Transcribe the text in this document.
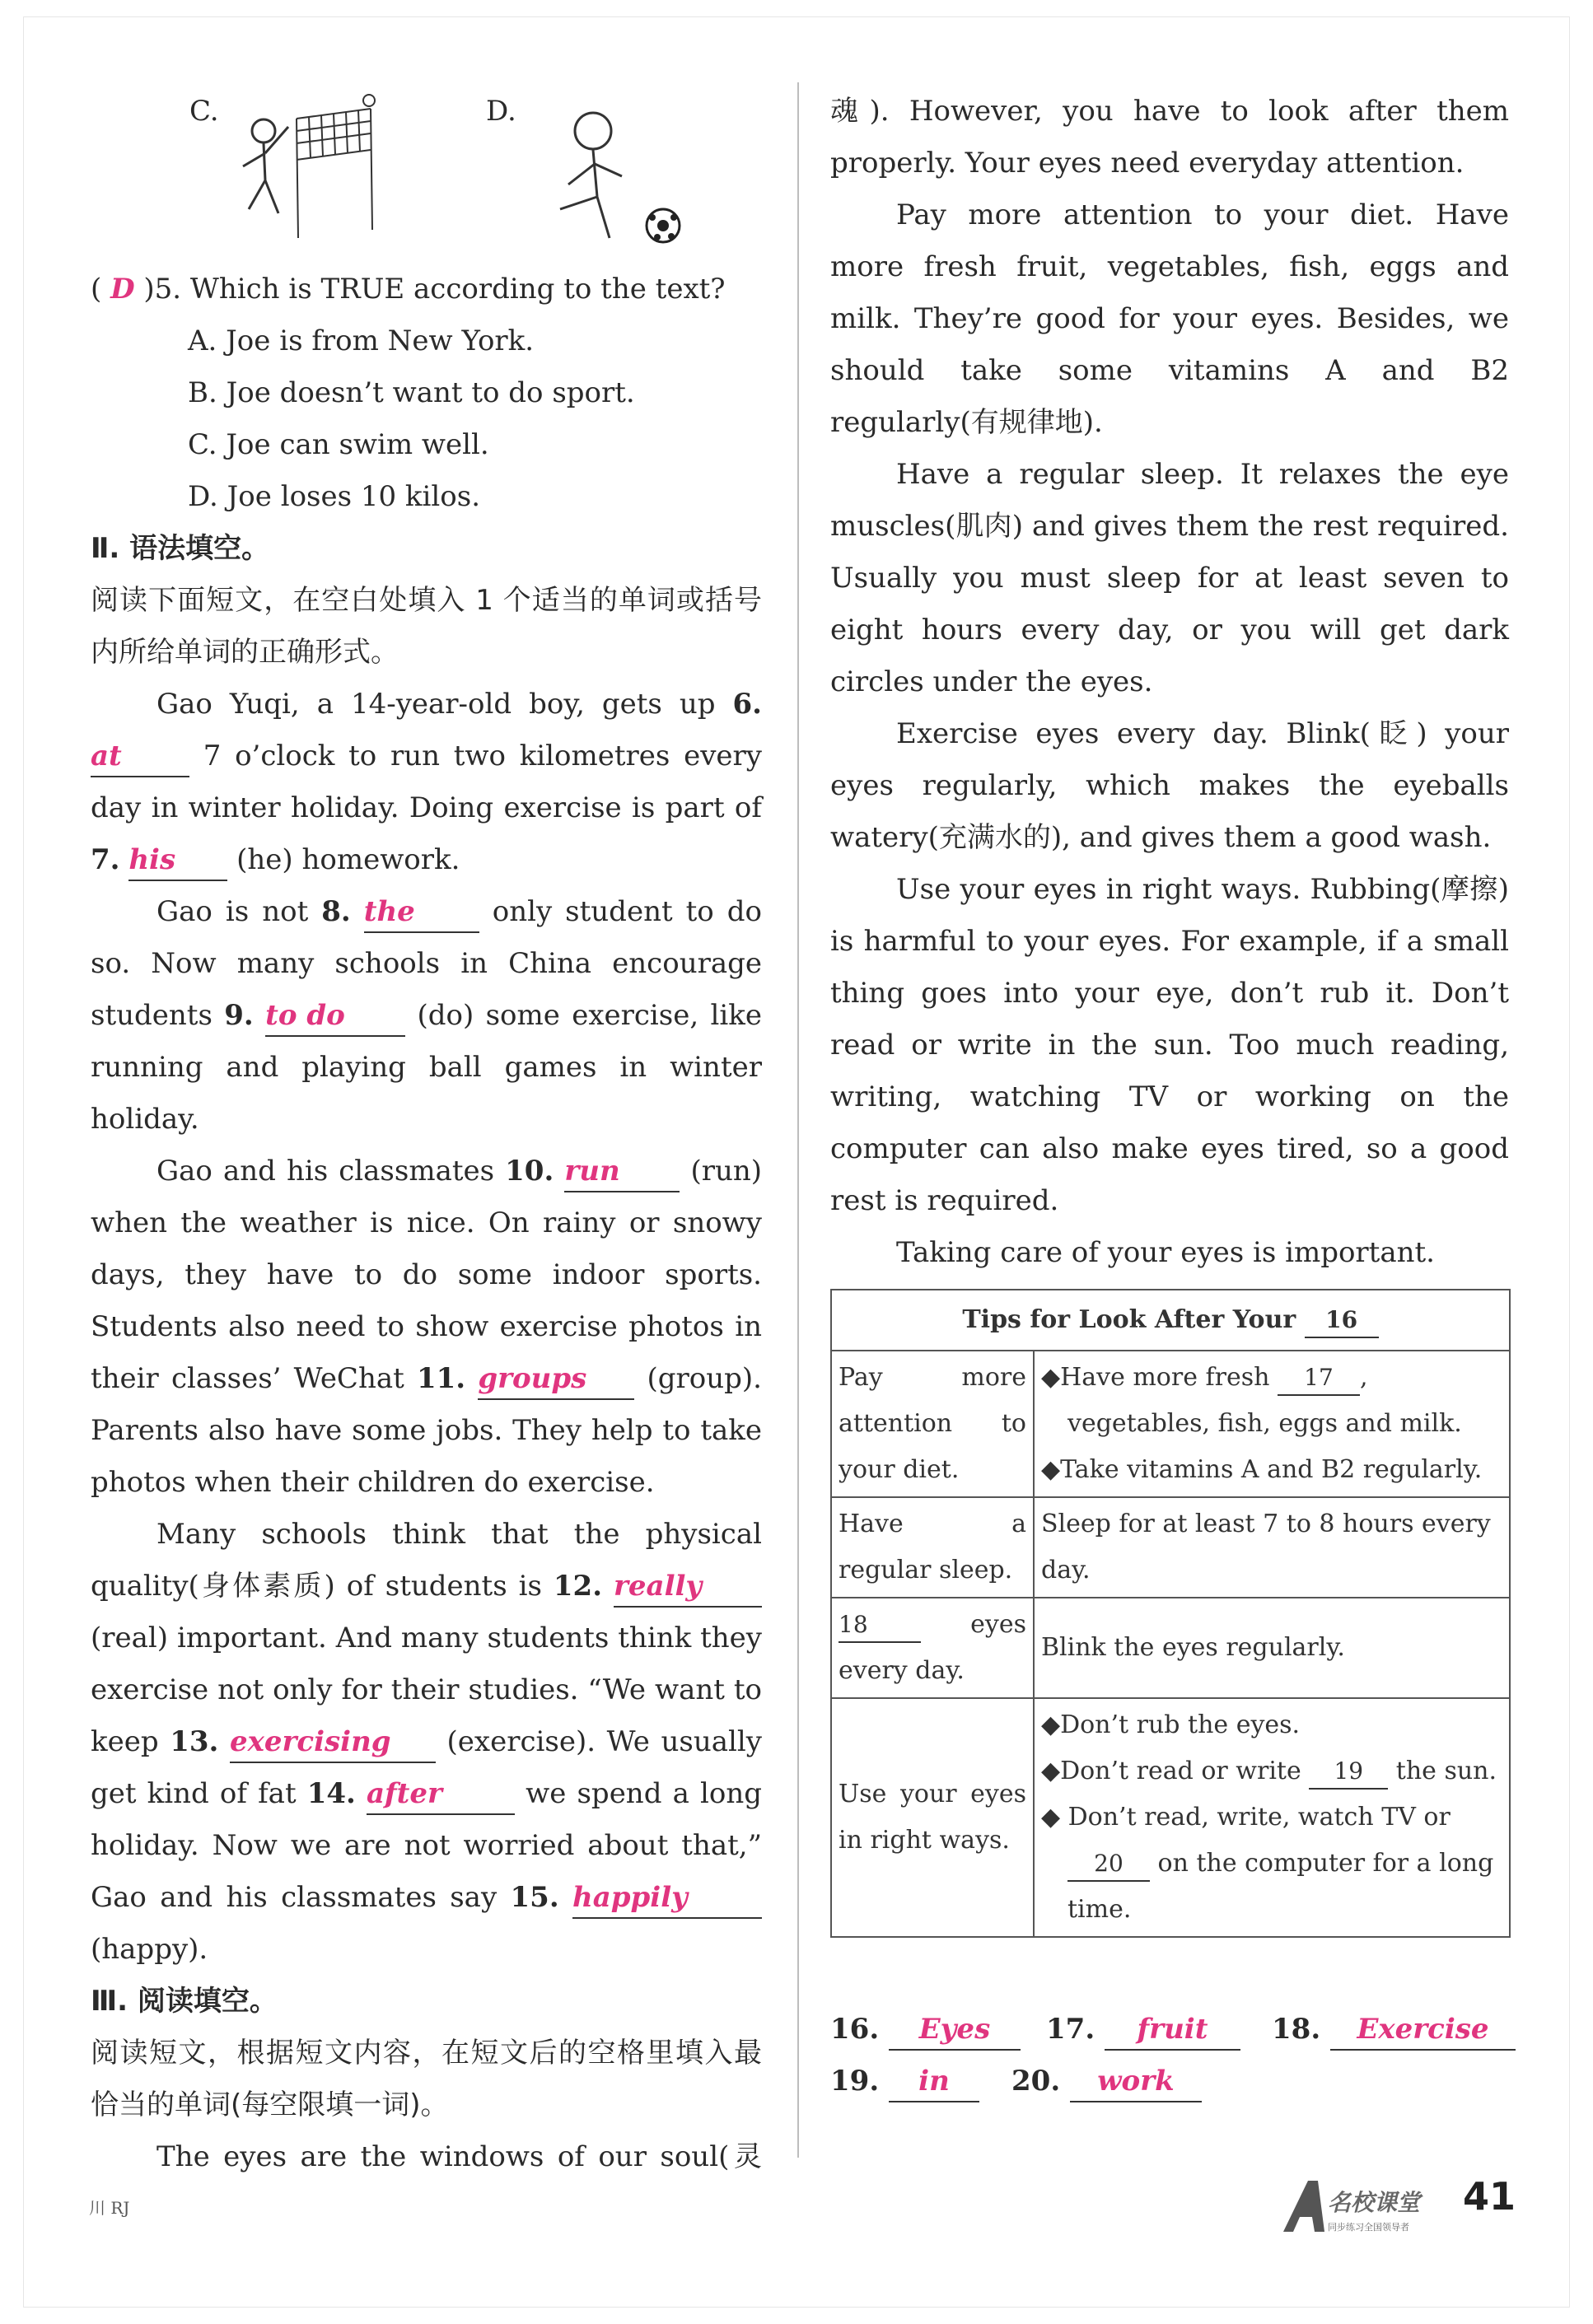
C.	D.

( D )5. Which is TRUE according to the text?

A. Joe is from New York.

B. Joe doesn’t want to do sport.

C. Joe can swim well.

D. Joe loses 10 kilos.

Ⅱ. 语法填空。

阅读下面短文，在空白处填入 1 个适当的单词或括号内所给单词的正确形式。

Gao Yuqi, a 14-year-old boy, gets up 6. at 7 o’clock to run two kilometres every day in winter holiday. Doing exercise is part of 7. his (he) homework.

Gao is not 8. the only student to do so. Now many schools in China encourage students 9. to do (do) some exercise, like running and playing ball games in winter holiday.

Gao and his classmates 10. run (run) when the weather is nice. On rainy or snowy days, they have to do some indoor sports. Students also need to show exercise photos in their classes’ WeChat 11. groups (group). Parents also have some jobs. They help to take photos when their children do exercise.

Many schools think that the physical quality(身体素质) of students is 12. really (real) important. And many students think they exercise not only for their studies. “We want to keep 13. exercising (exercise). We usually get kind of fat 14. after	we spend a long holiday. Now we are not worried about that,” Gao and his classmates say 15. happily (happy).

Ⅲ. 阅读填空。

阅读短文，根据短文内容，在短文后的空格里填入最恰当的单词(每空限填一词)。

The eyes are the windows of our soul(灵

魂). However, you have to look after them properly. Your eyes need everyday attention.

Pay more attention to your diet. Have more fresh fruit, vegetables, fish, eggs and milk. They’re good for your eyes. Besides, we should take some vitamins A and B2 regularly(有规律地).

Have a regular sleep. It relaxes the eye muscles(肌肉) and gives them the rest required. Usually you must sleep for at least seven to eight hours every day, or you will get dark circles under the eyes.

Exercise eyes every day. Blink(眨) your eyes regularly, which makes the eyeballs watery(充满水的), and gives them a good wash.

Use your eyes in right ways. Rubbing(摩擦) is harmful to your eyes. For example, if a small thing goes into your eye, don’t rub it. Don’t read or write in the sun. Too much reading, writing, watching TV or working on the computer can also make eyes tired, so a good rest is required.

Taking care of your eyes is important.

Tips for Look After Your 16	
Pay more attention to your diet.	◆Have more fresh 17 ,
vegetables, fish, eggs and milk.
◆Take vitamins A and B2 regularly.

Have a regular sleep.	Sleep for at least 7 to 8 hours every day.
18 eyes every day.	Blink the eyes regularly.
Use your eyes in right ways.	◆Don’t rub the eyes.
◆Don’t read or write 19 the sun.
◆ Don’t read, write, watch TV or
20 on the computer for a long time.
16. Eyes	17. fruit	18. Exercise
19. in	20. work
川 RJ	名校课堂
同步练习全国领导者
41
